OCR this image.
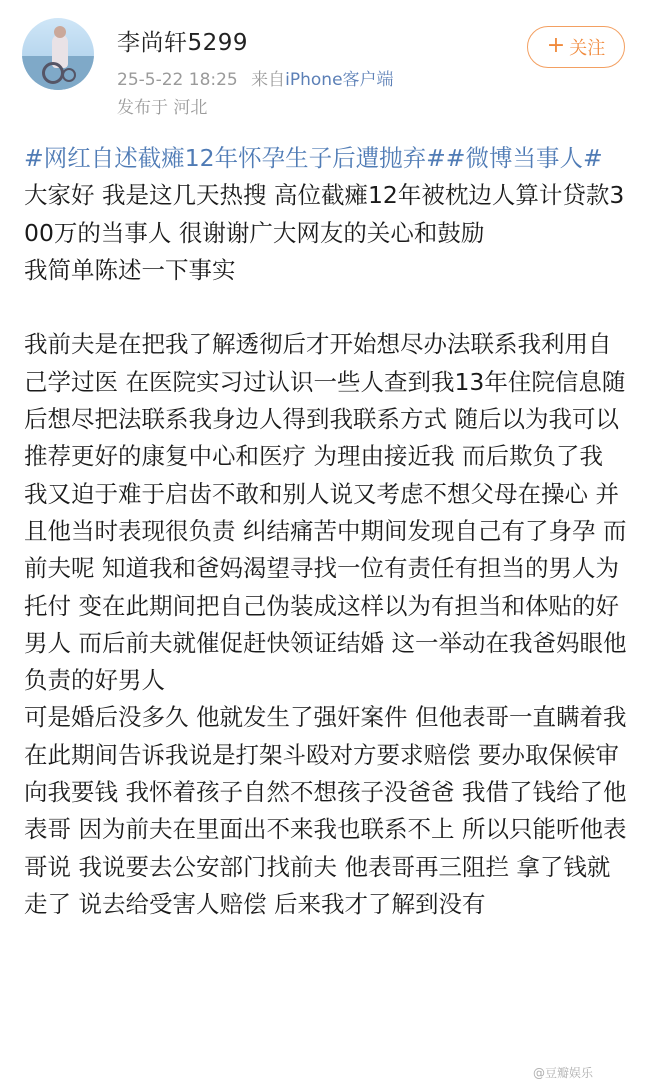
李尚轩5299
25-5-22 18:25 来自iPhone客户端
发布于 河北
+ 关注

#网红自述截瘫12年怀孕生子后遭抛弃##微博当事人#

大家好 我是这几天热搜 高位截瘫12年被枕边人算计贷款300万的当事人 很谢谢广大网友的关心和鼓励

我简单陈述一下事实

我前夫是在把我了解透彻后才开始想尽办法联系我利用自己学过医 在医院实习过认识一些人查到我13年住院信息随后想尽把法联系我身边人得到我联系方式 随后以为我可以推荐更好的康复中心和医疗 为理由接近我 而后欺负了我 我又迫于难于启齿不敢和别人说又考虑不想父母在操心 并且他当时表现很负责 纠结痛苦中期间发现自己有了身孕 而前夫呢 知道我和爸妈渴望寻找一位有责任有担当的男人为托付 变在此期间把自己伪装成这样以为有担当和体贴的好男人 而后前夫就催促赶快领证结婚 这一举动在我爸妈眼他负责的好男人

可是婚后没多久 他就发生了强奸案件 但他表哥一直瞒着我 在此期间告诉我说是打架斗殴对方要求赔偿 要办取保候审 向我要钱 我怀着孩子自然不想孩子没爸爸 我借了钱给了他表哥 因为前夫在里面出不来我也联系不上 所以只能听他表哥说 我说要去公安部门找前夫 他表哥再三阻拦 拿了钱就走了 说去给受害人赔偿 后来我才了解到没有

@豆瓣娱乐
